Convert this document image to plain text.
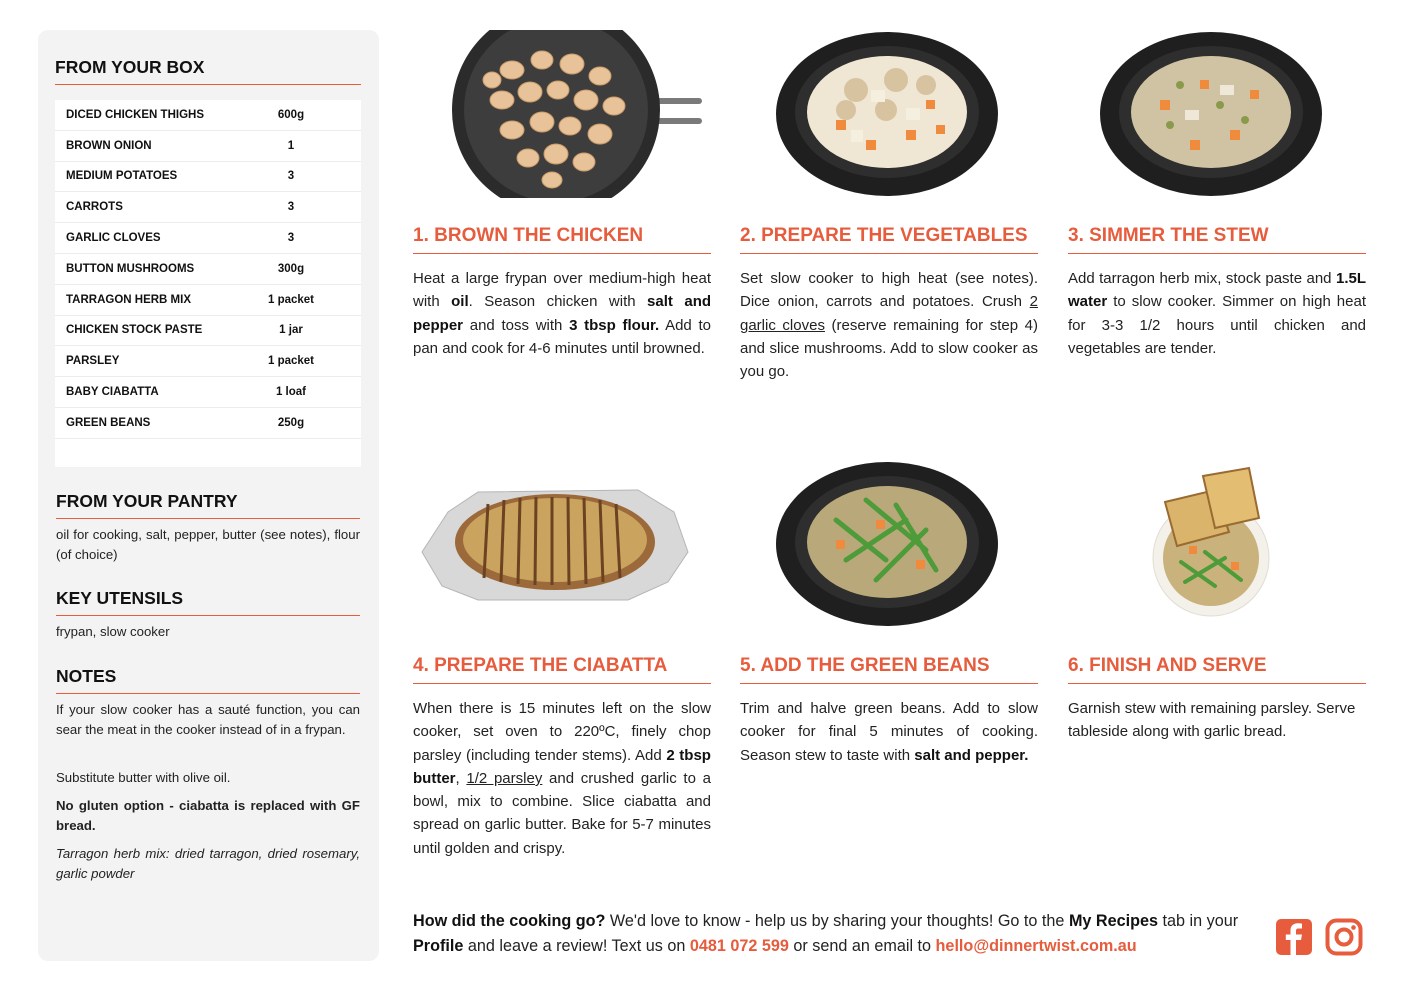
FROM YOUR BOX
DICED CHICKEN THIGHS	600g
BROWN ONION	1
MEDIUM POTATOES	3
CARROTS	3
GARLIC CLOVES	3
BUTTON MUSHROOMS	300g
TARRAGON HERB MIX	1 packet
CHICKEN STOCK PASTE	1 jar
PARSLEY	1 packet
BABY CIABATTA	1 loaf
GREEN BEANS	250g
FROM YOUR PANTRY
oil for cooking, salt, pepper, butter (see notes), flour (of choice)
KEY UTENSILS
frypan, slow cooker
NOTES
If your slow cooker has a sauté function, you can sear the meat in the cooker instead of in a frypan.
Substitute butter with olive oil.
No gluten option - ciabatta is replaced with GF bread.
Tarragon herb mix: dried tarragon, dried rosemary, garlic powder
1. BROWN THE CHICKEN	2. PREPARE THE VEGETABLES	3. SIMMER THE STEW
4. PREPARE THE CIABATTA	5. ADD THE GREEN BEANS	6. FINISH AND SERVE
Heat a large frypan over medium-high heat with oil. Season chicken with salt and pepper and toss with 3 tbsp flour. Add to pan and cook for 4-6 minutes until browned.
Set slow cooker to high heat (see notes). Dice onion, carrots and potatoes. Crush 2 garlic cloves (reserve remaining for step 4) and slice mushrooms. Add to slow cooker as you go.
Add tarragon herb mix, stock paste and 1.5L water to slow cooker. Simmer on high heat for 3-3 1/2 hours until chicken and vegetables are tender.
When there is 15 minutes left on the slow cooker, set oven to 220ºC, finely chop parsley (including tender stems). Add 2 tbsp butter, 1/2 parsley and crushed garlic to a bowl, mix to combine. Slice ciabatta and spread on garlic butter. Bake for 5-7 minutes until golden and crispy.
Trim and halve green beans. Add to slow cooker for final 5 minutes of cooking. Season stew to taste with salt and pepper.
Garnish stew with remaining parsley. Serve tableside along with garlic bread.
How did the cooking go? We'd love to know - help us by sharing your thoughts! Go to the My Recipes tab in your Profile and leave a review! Text us on 0481 072 599 or send an email to hello@dinnertwist.com.au
